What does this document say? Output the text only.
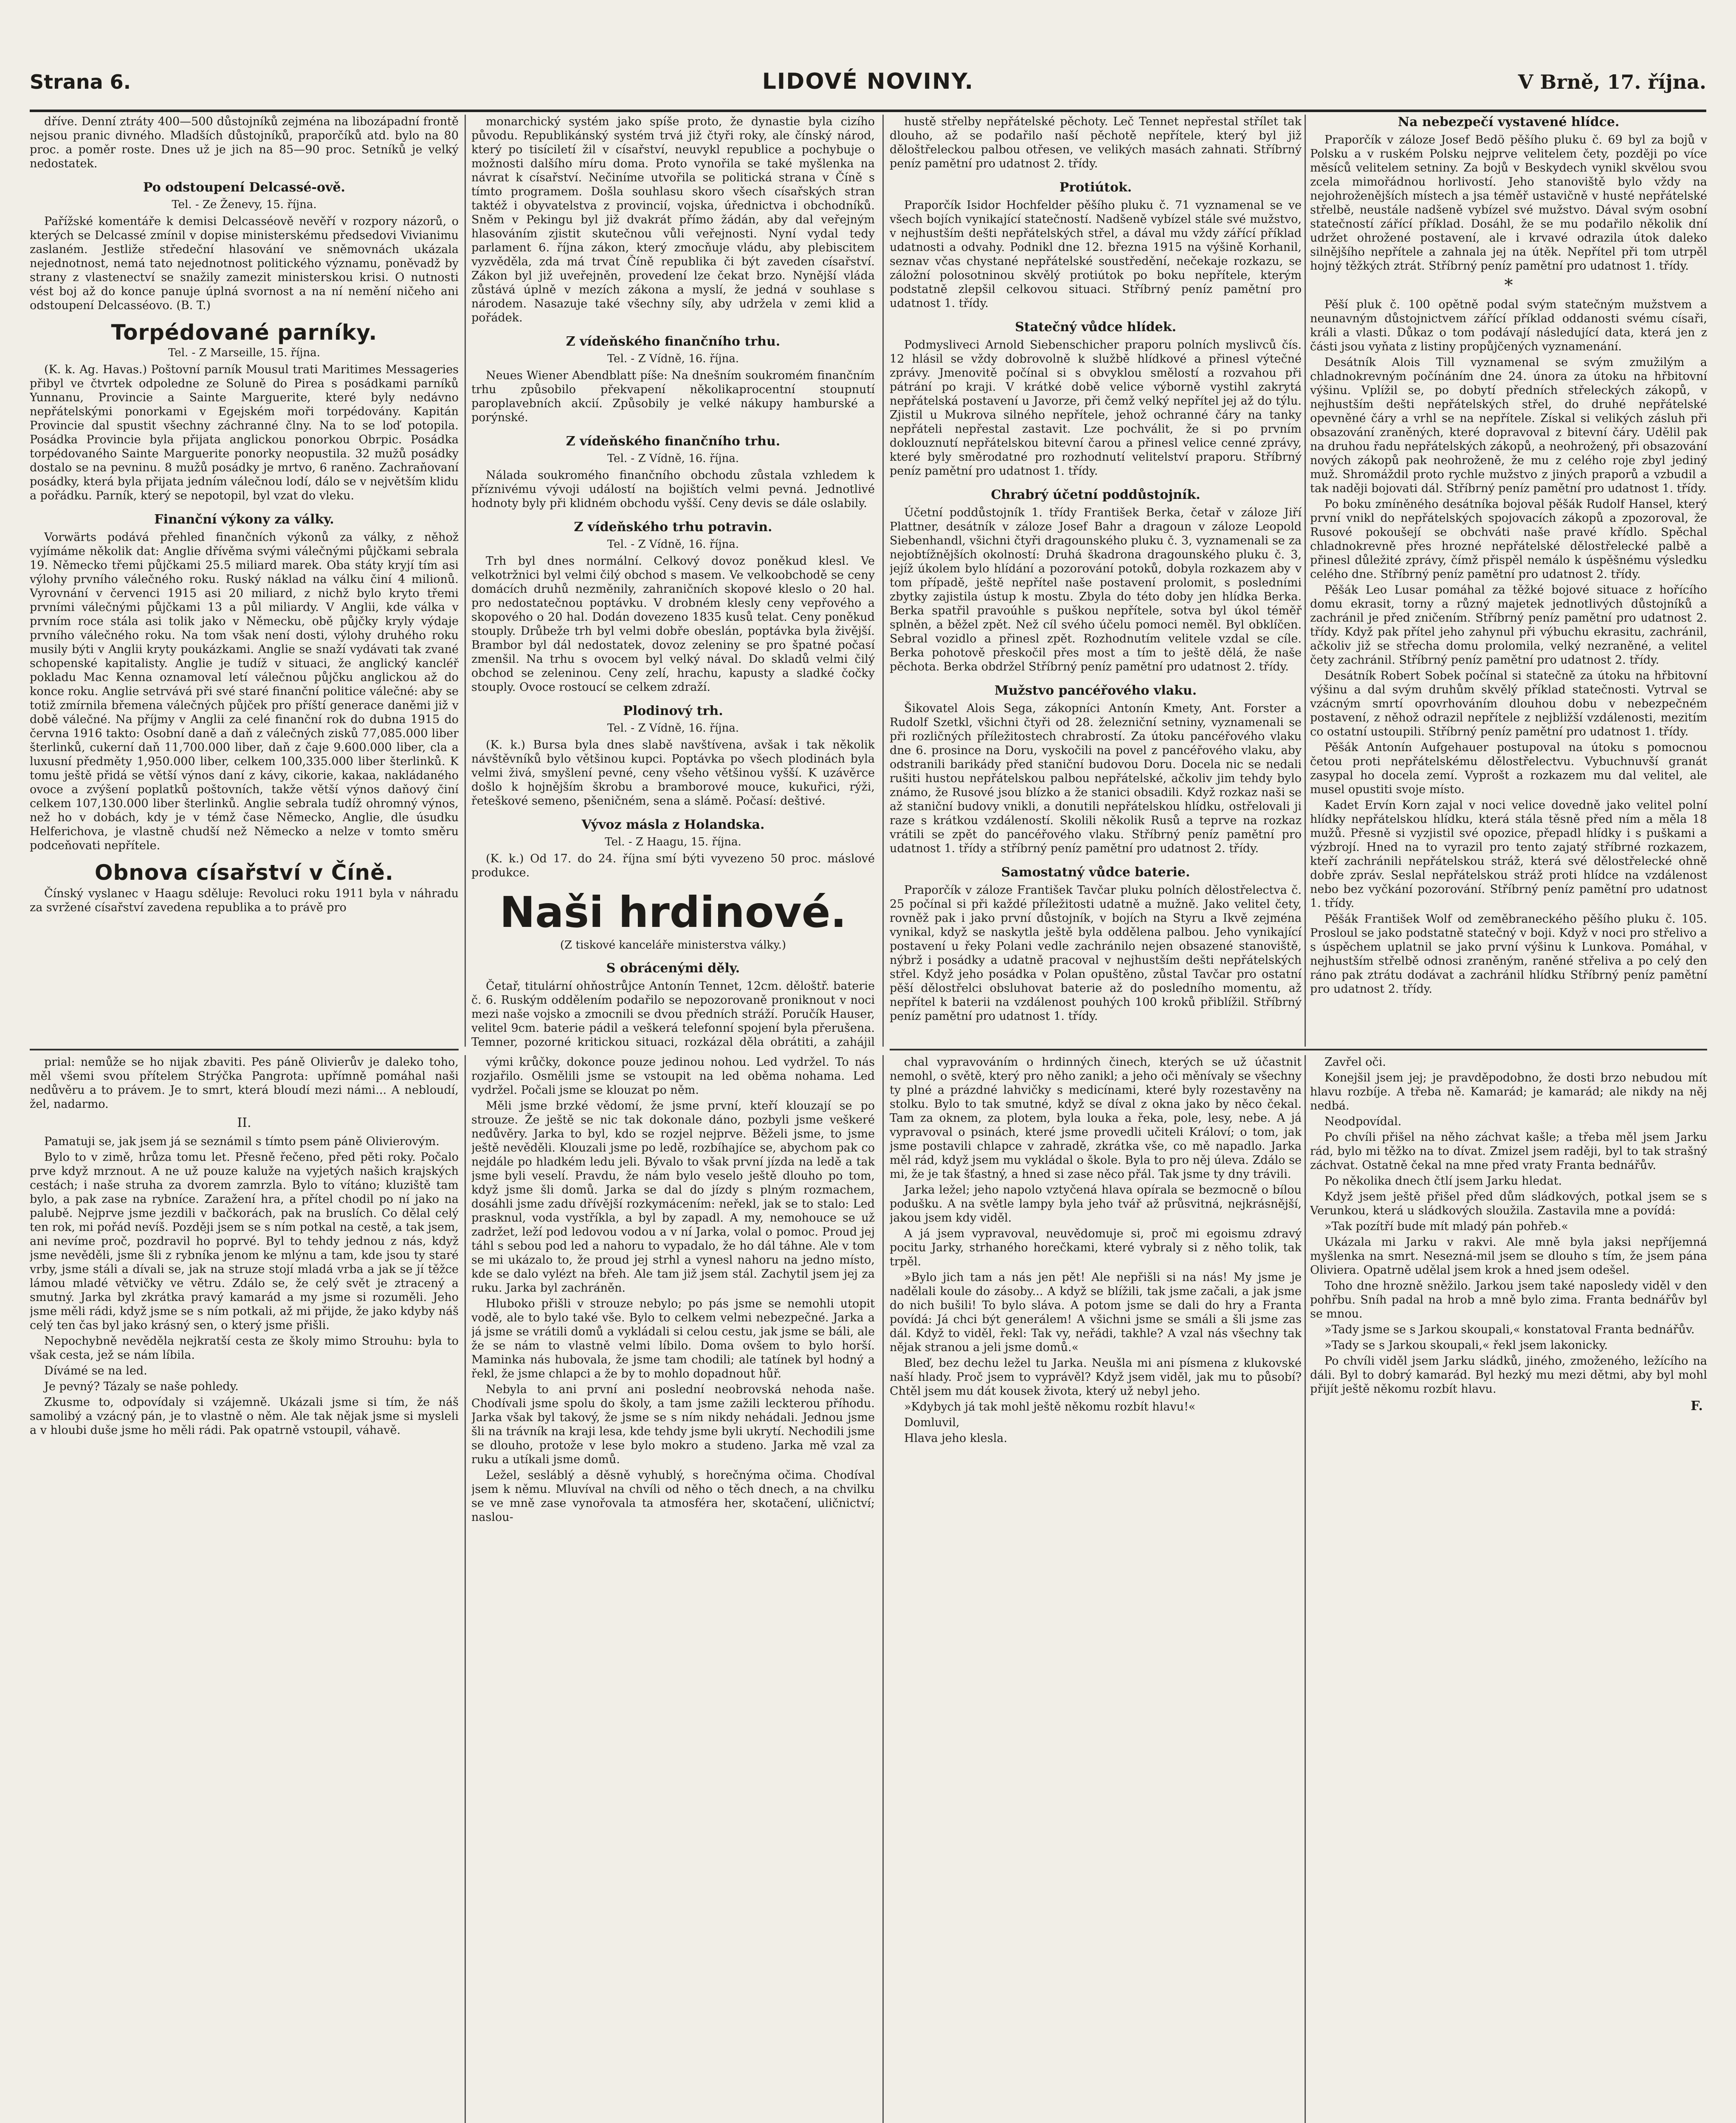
Strana 6.	LIDOVÉ NOVINY.	V Brně, 17. října.

dříve. Denní ztráty 400—500 důstojníků zejména na libozápadní frontě nejsou pranic divného. Mladších důstojníků, praporčíků atd. bylo na 80 proc. a poměr roste. Dnes už je jich na 85—90 proc. Setníků je velký nedostatek.

Po odstoupení Delcassé-ově.
Tel. - Ze Ženevy, 15. října.

Pařížské komentáře k demisi Delcasséově nevěří v rozpory názorů, o kterých se Delcassé zmínil v dopise ministerskému předsedovi Vivianimu zaslaném. Jestliže středeční hlasování ve sněmovnách ukázala nejednotnost, nemá tato nejednotnost politického významu, poněvadž by strany z vlastenectví se snažily zamezit ministerskou krisi. O nutnosti vést boj až do konce panuje úplná svornost a na ní nemění ničeho ani odstoupení Delcasséovo. (B. T.)

Torpédované parníky.
Tel. - Z Marseille, 15. října.

(K. k. Ag. Havas.) Poštovní parník Mousul trati Maritimes Messageries přibyl ve čtvrtek odpoledne ze Soluně do Pirea s posádkami parníků Yunnanu, Provincie a Sainte Marguerite, které byly nedávno nepřátelskými ponorkami v Egejském moři torpédovány. Kapitán Provincie dal spustit všechny záchranné člny. Na to se loď potopila. Posádka Provincie byla přijata anglickou ponorkou Obrpic. Posádka torpédovaného Sainte Marguerite ponorky neopustila. 32 mužů posádky dostalo se na pevninu. 8 mužů posádky je mrtvo, 6 raněno. Zachraňovaní posádky, která byla přijata jedním válečnou lodí, dálo se v největším klidu a pořádku. Parník, který se nepotopil, byl vzat do vleku.

Finanční výkony za války.

Vorwärts podává přehled finančních výkonů za války, z něhož vyjímáme několik dat: Anglie dřívěma svými válečnými půjčkami sebrala 19. Německo třemi půjčkami 25.5 miliard marek. Oba státy kryjí tím asi výlohy prvního válečného roku. Ruský náklad na válku činí 4 milionů. Vyrovnání v červenci 1915 asi 20 miliard, z nichž bylo kryto třemi prvními válečnými půjčkami 13 a půl miliardy. V Anglii, kde válka v prvním roce stála asi tolik jako v Německu, obě půjčky kryly výdaje prvního válečného roku. Na tom však není dosti, výlohy druhého roku musily býti v Anglii kryty poukázkami. Anglie se snaží vydávati tak zvané schopenské kapitalisty. Anglie je tudíž v situaci, že anglický kancléř pokladu Mac Kenna oznamoval letí válečnou půjčku anglickou až do konce roku. Anglie setrvává při své staré finanční politice válečné: aby se totiž zmírnila břemena válečných půjček pro příští generace daněmi již v době válečné. Na příjmy v Anglii za celé finanční rok do dubna 1915 do června 1916 takto: Osobní daně a daň z válečných zisků 77,085.000 liber šterlinků, cukerní daň 11,700.000 liber, daň z čaje 9.600.000 liber, cla a luxusní předměty 1,950.000 liber, celkem 100,335.000 liber šterlinků. K tomu ještě přidá se větší výnos daní z kávy, cikorie, kakaa, nakládaného ovoce a zvýšení poplatků poštovních, takže větší výnos daňový činí celkem 107,130.000 liber šterlinků. Anglie sebrala tudíž ohromný výnos, než ho v dobách, kdy je v témž čase Německo, Anglie, dle úsudku Helferichova, je vlastně chudší než Německo a nelze v tomto směru podceňovati nepřítele.

Obnova císařství v Číně.

Čínský vyslanec v Haagu sděluje: Revoluci roku 1911 byla v náhradu za svržené císařství zavedena republika a to právě pro

monarchický systém jako spíše proto, že dynastie byla cizího původu. Republikánský systém trvá již čtyři roky, ale čínský národ, který po tisíciletí žil v císařství, neuvykl republice a pochybuje o možnosti dalšího míru doma. Proto vynořila se také myšlenka na návrat k císařství. Nečiníme utvořila se politická strana v Číně s tímto programem. Došla souhlasu skoro všech císařských stran taktéž i obyvatelstva z provincií, vojska, úřednictva i obchodníků. Sněm v Pekingu byl již dvakrát přímo žádán, aby dal veřejným hlasováním zjistit skutečnou vůli veřejnosti. Nyní vydal tedy parlament 6. října zákon, který zmocňuje vládu, aby plebiscitem vyzvěděla, zda má trvat Číně republika či být zaveden císařství. Zákon byl již uveřejněn, provedení lze čekat brzo. Nynější vláda zůstává úplně v mezích zákona a myslí, že jedná v souhlase s národem. Nasazuje také všechny síly, aby udržela v zemi klid a pořádek.

Z vídeňského finančního trhu.
Tel. - Z Vídně, 16. října.

Neues Wiener Abendblatt píše: Na dnešním soukromém finančním trhu způsobilo překvapení několikaprocentní stoupnutí paroplavebních akcií. Způsobily je velké nákupy hamburské a porýnské.

Z vídeňského finančního trhu.
Tel. - Z Vídně, 16. října.

Nálada soukromého finančního obchodu zůstala vzhledem k příznivému vývoji událostí na bojištích velmi pevná. Jednotlivé hodnoty byly při klidném obchodu vyšší. Ceny devis se dále oslabily.

Z vídeňského trhu potravin.
Tel. - Z Vídně, 16. října.

Trh byl dnes normální. Celkový dovoz poněkud klesl. Ve velkotržnici byl velmi čilý obchod s masem. Ve velkoobchodě se ceny domácích druhů nezměnily, zahraničních skopové kleslo o 20 hal. pro nedostatečnou poptávku. V drobném klesly ceny vepřového a skopového o 20 hal. Dodán dovezeno 1835 kusů telat. Ceny poněkud stouply. Drůbeže trh byl velmi dobře obeslán, poptávka byla živější. Brambor byl dál nedostatek, dovoz zeleniny se pro špatné počasí zmenšil. Na trhu s ovocem byl velký nával. Do skladů velmi čilý obchod se zeleninou. Ceny zelí, hrachu, kapusty a sladké čočky stouply. Ovoce rostoucí se celkem zdraží.

Plodinový trh.
Tel. - Z Vídně, 16. října.

(K. k.) Bursa byla dnes slabě navštívena, avšak i tak několik návštěvníků bylo většinou kupci. Poptávka po všech plodinách byla velmi živá, smyšlení pevné, ceny všeho většinou vyšší. K uzávěrce došlo k hojnějším škrobu a bramborové mouce, kukuřici, rýži, řeteškové semeno, pšeničném, sena a slámě. Počasí: deštivé.

Vývoz másla z Holandska.
Tel. - Z Haagu, 15. října.

(K. k.) Od 17. do 24. října smí býti vyvezeno 50 proc. máslové produkce.

Naši hrdinové.
(Z tiskové kanceláře ministerstva války.)
S obrácenými děly.

Četař, titulární ohňostrůjce Antonín Tennet, 12cm. děloštř. baterie č. 6. Ruským oddělením podařilo se nepozorovaně proniknout v noci mezi naše vojsko a zmocnili se dvou předních stráží. Poručík Hauser, velitel 9cm. baterie pádil a veškerá telefonní spojení byla přerušena. Temner, pozorné kritickou situaci, rozkázal děla obrátiti, a zahájil

hustě střelby nepřátelské pěchoty. Leč Tennet nepřestal střílet tak dlouho, až se podařilo naší pěchotě nepřítele, který byl již děloštřeleckou palbou otřesen, ve velikých masách zahnati. Stříbrný peníz pamětní pro udatnost 2. třídy.

Protiútok.

Praporčík Isidor Hochfelder pěšího pluku č. 71 vyznamenal se ve všech bojích vynikající statečností. Nadšeně vybízel stále své mužstvo, v nejhustším dešti nepřátelských střel, a dával mu vždy zářící příklad udatnosti a odvahy. Podnikl dne 12. března 1915 na výšině Korhanil, seznav včas chystané nepřátelské soustředění, nečekaje rozkazu, se záložní polosotninou skvělý protiútok po boku nepřítele, kterým podstatně zlepšil celkovou situaci. Stříbrný peníz pamětní pro udatnost 1. třídy.

Statečný vůdce hlídek.

Podmysliveci Arnold Siebenschicher praporu polních myslivců čís. 12 hlásil se vždy dobrovolně k službě hlídkové a přinesl výtečné zprávy. Jmenovitě počínal si s obvyklou smělostí a rozvahou při pátrání po kraji. V krátké době velice výborně vystihl zakrytá nepřátelská postavení u Javorze, při čemž velký nepřítel jej až do týlu. Zjistil u Mukrova silného nepřítele, jehož ochranné čáry na tanky nepřáteli nepřestal zastavit. Lze pochválit, že si po prvním doklouznutí nepřátelskou bitevní čarou a přinesl velice cenné zprávy, které byly směrodatné pro rozhodnutí velitelství praporu. Stříbrný peníz pamětní pro udatnost 1. třídy.

Chrabrý účetní poddůstojník.

Účetní poddůstojník 1. třídy František Berka, četař v záloze Jiří Plattner, desátník v záloze Josef Bahr a dragoun v záloze Leopold Siebenhandl, všichni čtyři dragounského pluku č. 3, vyznamenali se za nejobtížnějších okolností: Druhá škadrona dragounského pluku č. 3, jejíž úkolem bylo hlídání a pozorování potoků, dobyla rozkazem aby v tom případě, ještě nepřítel naše postavení prolomit, s posledními zbytky zajistila ústup k mostu. Zbyla do této doby jen hlídka Berka. Berka spatřil pravoúhle s puškou nepřítele, sotva byl úkol téměř splněn, a běžel zpět. Než cíl svého účelu pomoci neměl. Byl obklíčen. Sebral vozidlo a přinesl zpět. Rozhodnutím velitele vzdal se cíle. Berka pohotově přeskočil přes most a tím to ještě dělá, že naše pěchota. Berka obdržel Stříbrný peníz pamětní pro udatnost 2. třídy.

Mužstvo pancéřového vlaku.

Šikovatel Alois Sega, zákopníci Antonín Kmety, Ant. Forster a Rudolf Szetkl, všichni čtyři od 28. železniční setniny, vyznamenali se při rozličných příležitostech chrabrostí. Za útoku pancéřového vlaku dne 6. prosince na Doru, vyskočili na povel z pancéřového vlaku, aby odstranili barikády před staniční budovou Doru. Docela nic se nedali rušiti hustou nepřátelskou palbou nepřátelské, ačkoliv jim tehdy bylo známo, že Rusové jsou blízko a že stanici obsadili. Když rozkaz naši se až staniční budovy vnikli, a donutili nepřátelskou hlídku, ostřelovali ji raze s krátkou vzdáleností. Skolili několik Rusů a teprve na rozkaz vrátili se zpět do pancéřového vlaku. Stříbrný peníz pamětní pro udatnost 1. třídy a stříbrný peníz pamětní pro udatnost 2. třídy.

Samostatný vůdce baterie.

Praporčík v záloze František Tavčar pluku polních dělostřelectva č. 25 počínal si při každé příležitosti udatně a mužně. Jako velitel čety, rovněž pak i jako první důstojník, v bojích na Styru a Ikvě zejména vynikal, když se naskytla ještě byla oddělena palbou. Jeho vynikající postavení u řeky Polani vedle zachránilo nejen obsazené stanoviště, nýbrž i posádky a udatně pracoval v nejhustším dešti nepřátelských střel. Když jeho posádka v Polan opuštěno, zůstal Tavčar pro ostatní pěší dělostřelci obsluhovat baterie až do posledního momentu, až nepřítel k baterii na vzdálenost pouhých 100 kroků přiblížil. Stříbrný peníz pamětní pro udatnost 1. třídy.

Na nebezpečí vystavené hlídce.

Praporčík v záloze Josef Bedö pěšího pluku č. 69 byl za bojů v Polsku a v ruském Polsku nejprve velitelem čety, později po více měsíců velitelem setniny. Za bojů v Beskydech vynikl skvělou svou zcela mimořádnou horlivostí. Jeho stanoviště bylo vždy na nejohroženějších místech a jsa téměř ustavičně v husté nepřátelské střelbě, neustále nadšeně vybízel své mužstvo. Dával svým osobní statečností zářící příklad. Dosáhl, že se mu podařilo několik dní udržet ohrožené postavení, ale i krvavé odrazila útok daleko silnějšího nepřítele a zahnala jej na útěk. Nepřítel při tom utrpěl hojný těžkých ztrát. Stříbrný peníz pamětní pro udatnost 1. třídy.

*

Pěší pluk č. 100 opětně podal svým statečným mužstvem a neunavným důstojnictvem zářící příklad oddanosti svému císaři, králi a vlasti. Důkaz o tom podávají následující data, která jen z části jsou vyňata z listiny propůjčených vyznamenání.

Desátník Alois Till vyznamenal se svým zmužilým a chladnokrevným počínáním dne 24. února za útoku na hřbitovní výšinu. Vplížil se, po dobytí předních střeleckých zákopů, v nejhustším dešti nepřátelských střel, do druhé nepřátelské opevněné čáry a vrhl se na nepřítele. Získal si velikých zásluh při obsazování zraněných, které dopravoval z bitevní čáry. Udělil pak na druhou řadu nepřátelských zákopů, a neohrožený, při obsazování nových zákopů pak neohroženě, že mu z celého roje zbyl jediný muž. Shromáždil proto rychle mužstvo z jiných praporů a vzbudil a tak naději bojovati dál. Stříbrný peníz pamětní pro udatnost 1. třídy.

Po boku zmíněného desátníka bojoval pěšák Rudolf Hansel, který první vnikl do nepřátelských spojovacích zákopů a zpozoroval, že Rusové pokoušejí se obchváti naše pravé křídlo. Spěchal chladnokrevně přes hrozné nepřátelské dělostřelecké palbě a přinesl důležité zprávy, čímž přispěl nemálo k úspěšnému výsledku celého dne. Stříbrný peníz pamětní pro udatnost 2. třídy.

Pěšák Leo Lusar pomáhal za těžké bojové situace z hořícího domu ekrasit, torny a různý majetek jednotlivých důstojníků a zachránil je před zničením. Stříbrný peníz pamětní pro udatnost 2. třídy. Když pak přítel jeho zahynul při výbuchu ekrasitu, zachránil, ačkoliv již se střecha domu prolomila, velký nezraněné, a velitel čety zachránil. Stříbrný peníz pamětní pro udatnost 2. třídy.

Desátník Robert Sobek počínal si statečně za útoku na hřbitovní výšinu a dal svým druhům skvělý příklad statečnosti. Vytrval se vzácným smrtí opovrhováním dlouhou dobu v nebezpečném postavení, z něhož odrazil nepřítele z nejbližší vzdálenosti, mezitím co ostatní ustoupili. Stříbrný peníz pamětní pro udatnost 1. třídy.

Pěšák Antonín Aufgehauer postupoval na útoku s pomocnou četou proti nepřátelskému dělostřelectvu. Vybuchnuvší granát zasypal ho docela zemí. Vyprošt a rozkazem mu dal velitel, ale musel opustiti svoje místo.

Kadet Ervín Korn zajal v noci velice dovedně jako velitel polní hlídky nepřátelskou hlídku, která stála těsně před ním a měla 18 mužů. Přesně si vyzjistil své opozice, přepadl hlídky i s puškami a výzbrojí. Hned na to vyrazil pro tento zajatý stříbrné rozkazem, kteří zachránili nepřátelskou stráž, která své dělostřelecké ohně dobře zpráv. Seslal nepřátelskou stráž proti hlídce na vzdálenost nebo bez vyčkání pozorování. Stříbrný peníz pamětní pro udatnost 1. třídy.

Pěšák František Wolf od zeměbraneckého pěšího pluku č. 105. Prosloul se jako podstatně statečný v boji. Když v noci pro střelivo a s úspěchem uplatnil se jako první výšinu k Lunkova. Pomáhal, v nejhustším střelbě odnosi zraněným, raněné střeliva a po celý den ráno pak ztrátu dodávat a zachránil hlídku Stříbrný peníz pamětní pro udatnost 2. třídy.

prial: nemůže se ho nijak zbaviti. Pes páně Olivierův je daleko toho, měl všemi svou přítelem Strýčka Pangrota: upřímně pomáhal naši nedůvěru a to právem. Je to smrt, která bloudí mezi námi... A nebloudí, žel, nadarmo.

II.

Pamatuji se, jak jsem já se seznámil s tímto psem páně Olivierovým.

Bylo to v zimě, hrůza tomu let. Přesně řečeno, před pěti roky. Počalo prve když mrznout. A ne už pouze kaluže na vyjetých našich krajských cestách; i naše struha za dvorem zamrzla. Bylo to vítáno; kluziště tam bylo, a pak zase na rybníce. Zaražení hra, a přítel chodil po ní jako na palubě. Nejprve jsme jezdili v bačkorách, pak na bruslích. Co dělal celý ten rok, mi pořád nevíš. Později jsem se s ním potkal na cestě, a tak jsem, ani nevíme proč, pozdravil ho poprvé. Byl to tehdy jednou z nás, když jsme nevěděli, jsme šli z rybníka jenom ke mlýnu a tam, kde jsou ty staré vrby, jsme stáli a dívali se, jak na struze stojí mladá vrba a jak se jí těžce lámou mladé větvičky ve větru. Zdálo se, že celý svět je ztracený a smutný. Jarka byl zkrátka pravý kamarád a my jsme si rozuměli. Jeho jsme měli rádi, když jsme se s ním potkali, až mi přijde, že jako kdyby náš celý ten čas byl jako krásný sen, o který jsme přišli.

Nepochybně nevěděla nejkratší cesta ze školy mimo Strouhu: byla to však cesta, jež se nám líbila.

Dívámé se na led.

Je pevný? Tázaly se naše pohledy.

Zkusme to, odpovídaly si vzájemně. Ukázali jsme si tím, že náš samolibý a vzácný pán, je to vlastně o něm. Ale tak nějak jsme si mysleli a v hloubi duše jsme ho měli rádi. Pak opatrně vstoupil, váhavě.

vými krůčky, dokonce pouze jedinou nohou. Led vydržel. To nás rozjařilo. Osmělili jsme se vstoupit na led oběma nohama. Led vydržel. Počali jsme se klouzat po něm.

Měli jsme brzké vědomí, že jsme první, kteří klouzají se po strouze. Že ještě se nic tak dokonale dáno, pozbyli jsme veškeré nedůvěry. Jarka to byl, kdo se rozjel nejprve. Běželi jsme, to jsme ještě nevěděli. Klouzali jsme po ledě, rozbíhajíce se, abychom pak co nejdále po hladkém ledu jeli. Bývalo to však první jízda na ledě a tak jsme byli veselí. Pravdu, že nám bylo veselo ještě dlouho po tom, když jsme šli domů. Jarka se dal do jízdy s plným rozmachem, dosáhli jsme zadu dřívější rozkymácením: neřekl, jak se to stalo: Led prasknul, voda vystříkla, a byl by zapadl. A my, nemohouce se už zadržet, leží pod ledovou vodou a v ní Jarka, volal o pomoc. Proud jej táhl s sebou pod led a nahoru to vypadalo, že ho dál táhne. Ale v tom se mi ukázalo to, že proud jej strhl a vynesl nahoru na jedno místo, kde se dalo vylézt na břeh. Ale tam již jsem stál. Zachytil jsem jej za ruku. Jarka byl zachráněn.

Hluboko přišli v strouze nebylo; po pás jsme se nemohli utopit vodě, ale to bylo také vše. Bylo to celkem velmi nebezpečné. Jarka a já jsme se vrátili domů a vykládali si celou cestu, jak jsme se báli, ale že se nám to vlastně velmi líbilo. Doma ovšem to bylo horší. Maminka nás hubovala, že jsme tam chodili; ale tatínek byl hodný a řekl, že jsme chlapci a že by to mohlo dopadnout hůř.

Nebyla to ani první ani poslední neobrovská nehoda naše. Chodívali jsme spolu do školy, a tam jsme zažili leckterou příhodu. Jarka však byl takový, že jsme se s ním nikdy nehádali. Jednou jsme šli na trávník na kraji lesa, kde tehdy jsme byli ukrytí. Nechodili jsme se dlouho, protože v lese bylo mokro a studeno. Jarka mě vzal za ruku a utíkali jsme domů.

Ležel, sesláblý a děsně vyhublý, s horečnýma očima. Chodíval jsem k němu. Mluvíval na chvíli od něho o těch dnech, a na chvilku se ve mně zase vynořovala ta atmosféra her, skotačení, uličnictví; naslou-

chal vypravováním o hrdinných činech, kterých se už účastnit nemohl, o světě, který pro něho zanikl; a jeho oči měnívaly se všechny ty plné a prázdné lahvičky s medicínami, které byly rozestavěny na stolku. Bylo to tak smutné, když se díval z okna jako by něco čekal. Tam za oknem, za plotem, byla louka a řeka, pole, lesy, nebe. A já vypravoval o psinách, které jsme provedli učiteli Královí; o tom, jak jsme postavili chlapce v zahradě, zkrátka vše, co mě napadlo. Jarka měl rád, když jsem mu vykládal o škole. Byla to pro něj úleva. Zdálo se mi, že je tak šťastný, a hned si zase něco přál. Tak jsme ty dny trávili.

Jarka ležel; jeho napolo vztyčená hlava opírala se bezmocně o bílou podušku. A na světle lampy byla jeho tvář až průsvitná, nejkrásnější, jakou jsem kdy viděl.

A já jsem vypravoval, neuvědomuje si, proč mi egoismu zdravý pocitu Jarky, strhaného horečkami, které vybraly si z něho tolik, tak trpěl.

»Bylo jich tam a nás jen pět! Ale nepřišli si na nás! My jsme je nadělali koule do zásoby... A když se blížili, tak jsme začali, a jak jsme do nich bušili! To bylo sláva. A potom jsme se dali do hry a Franta povídá: Já chci být generálem! A všichni jsme se smáli a šli jsme zas dál. Když to viděl, řekl: Tak vy, neřádi, takhle? A vzal nás všechny tak nějak stranou a jeli jsme domů.«

Bleď, bez dechu ležel tu Jarka. Neušla mi ani písmena z klukovské naší hlady. Proč jsem to vyprávěl? Když jsem viděl, jak mu to působí? Chtěl jsem mu dát kousek života, který už nebyl jeho.

»Kdybych já tak mohl ještě někomu rozbít hlavu!«

Domluvil,

Hlava jeho klesla.

Zavřel oči.

Konejšil jsem jej; je pravděpodobno, že dosti brzo nebudou mít hlavu rozbíje. A třeba ně. Kamarád; je kamarád; ale nikdy na něj nedbá.

Neodpovídal.

Po chvíli přišel na něho záchvat kašle; a třeba měl jsem Jarku rád, bylo mi těžko na to dívat. Zmizel jsem raději, byl to tak strašný záchvat. Ostatně čekal na mne před vraty Franta bednářův.

Po několika dnech čtlí jsem Jarku hledat.

Když jsem ještě přišel před dům sládkových, potkal jsem se s Verunkou, která u sládkových sloužila. Zastavila mne a povídá:

»Tak pozítří bude mít mladý pán pohřeb.«

Ukázala mi Jarku v rakvi. Ale mně byla jaksi nepříjemná myšlenka na smrt. Nesezná-mil jsem se dlouho s tím, že jsem pána Oliviera. Opatrně udělal jsem krok a hned jsem odešel.

Toho dne hrozně sněžilo. Jarkou jsem také naposledy viděl v den pohřbu. Sníh padal na hrob a mně bylo zima. Franta bednářův byl se mnou.

»Tady jsme se s Jarkou skoupali,« konstatoval Franta bednářův.

»Tady se s Jarkou skoupali,« řekl jsem lakonicky.

Po chvíli viděl jsem Jarku sládků, jiného, zmoženého, ležícího na dáli. Byl to dobrý kamarád. Byl hezký mu mezi dětmi, aby byl mohl přijít ještě někomu rozbít hlavu.

F.
